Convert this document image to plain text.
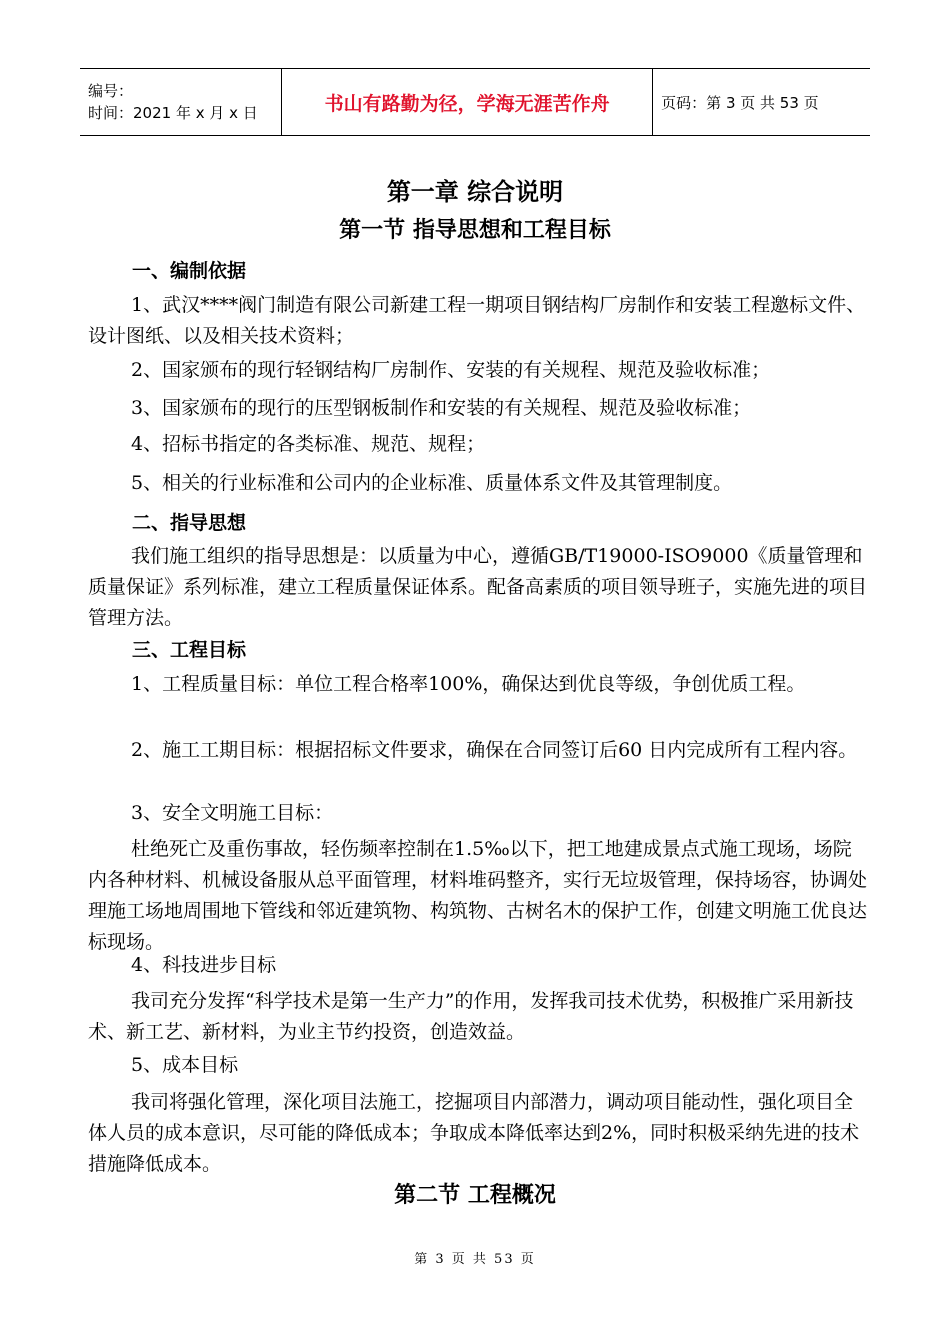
编号：
时间：2021 年 x 月 x 日	书山有路勤为径，学海无涯苦作舟	页码：第 3 页 共 53 页
第一章 综合说明
第一节 指导思想和工程目标
一、编制依据

1、武汉****阀门制造有限公司新建工程一期项目钢结构厂房制作和安装工程邀标文件、设计图纸、以及相关技术资料；

2、国家颁布的现行轻钢结构厂房制作、安装的有关规程、规范及验收标准；

3、国家颁布的现行的压型钢板制作和安装的有关规程、规范及验收标准；

4、招标书指定的各类标准、规范、规程；

5、相关的行业标准和公司内的企业标准、质量体系文件及其管理制度。

二、指导思想

我们施工组织的指导思想是：以质量为中心，遵循GB/T19000-ISO9000《质量管理和质量保证》系列标准，建立工程质量保证体系。配备高素质的项目领导班子，实施先进的项目管理方法。

三、工程目标

1、工程质量目标：单位工程合格率100%，确保达到优良等级，争创优质工程。

2、施工工期目标：根据招标文件要求，确保在合同签订后60 日内完成所有工程内容。

3、安全文明施工目标：

杜绝死亡及重伤事故，轻伤频率控制在1.5‰以下，把工地建成景点式施工现场，场院内各种材料、机械设备服从总平面管理，材料堆码整齐，实行无垃圾管理，保持场容，协调处理施工场地周围地下管线和邻近建筑物、构筑物、古树名木的保护工作，创建文明施工优良达标现场。

4、科技进步目标

我司充分发挥“科学技术是第一生产力”的作用，发挥我司技术优势，积极推广采用新技术、新工艺、新材料，为业主节约投资，创造效益。

5、成本目标

我司将强化管理，深化项目法施工，挖掘项目内部潜力，调动项目能动性，强化项目全体人员的成本意识，尽可能的降低成本；争取成本降低率达到2%，同时积极采纳先进的技术措施降低成本。

第二节 工程概况
第 3 页 共 53 页
